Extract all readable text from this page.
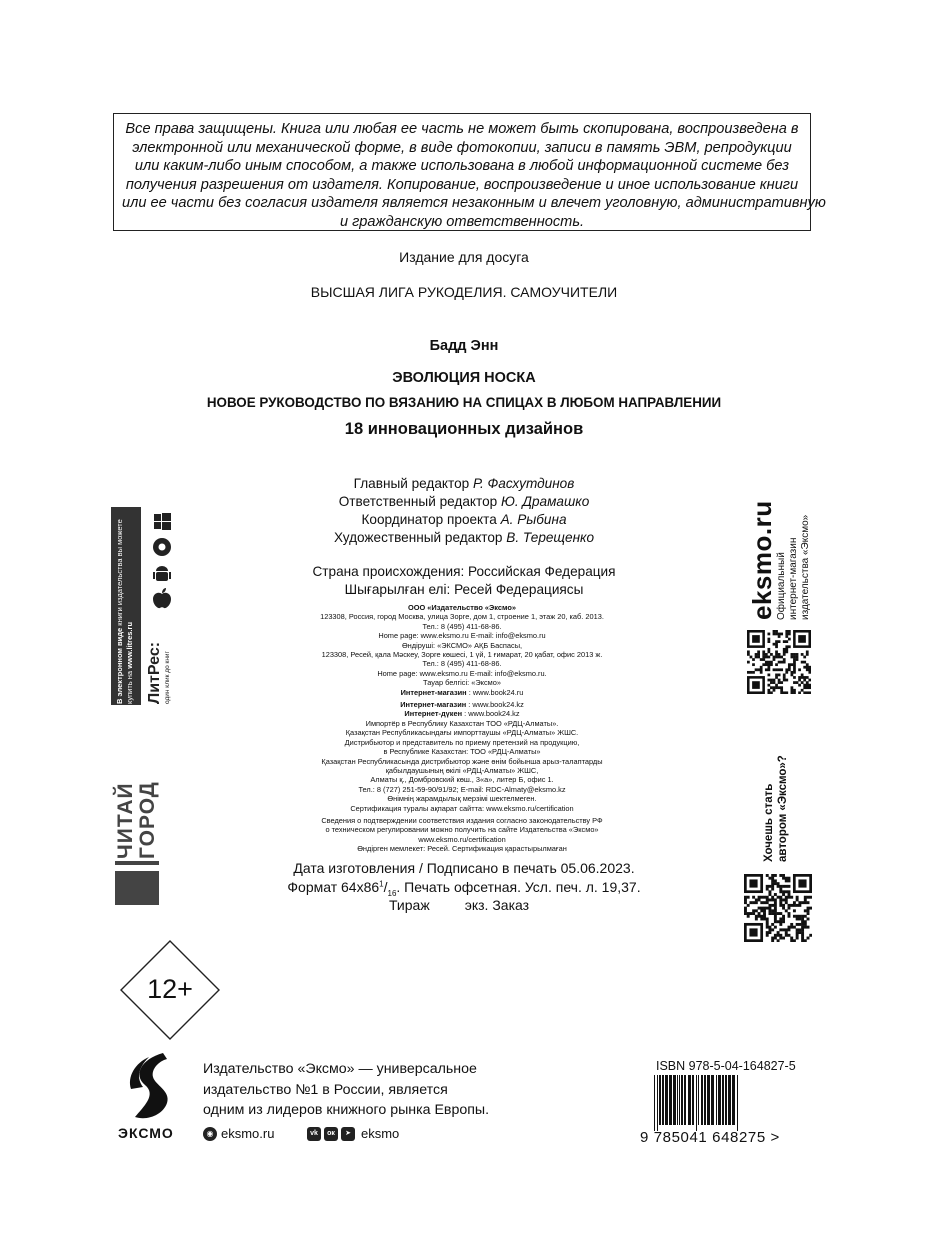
Все права защищены. Книга или любая ее часть не может быть скопирована, воспроизведена в
электронной или механической форме, в виде фотокопии, записи в память ЭВМ, репродукции
или каким-либо иным способом, а также использована в любой информационной системе без
получения разрешения от издателя. Копирование, воспроизведение и иное использование книги
или ее части без согласия издателя является незаконным и влечет уголовную, административную
и гражданскую ответственность.
Издание для досуга
ВЫСШАЯ ЛИГА РУКОДЕЛИЯ. САМОУЧИТЕЛИ
Бадд Энн
ЭВОЛЮЦИЯ НОСКА
НОВОЕ РУКОВОДСТВО ПО ВЯЗАНИЮ НА СПИЦАХ В ЛЮБОМ НАПРАВЛЕНИИ
18 инновационных дизайнов
Главный редактор Р. Фасхутдинов
Ответственный редактор Ю. Драмашко
Координатор проекта А. Рыбина
Художественный редактор В. Терещенко
Страна происхождения: Российская Федерация
Шығарылған елі: Ресей Федерациясы
ООО «Издательство «Эксмо»
123308, Россия, город Москва, улица Зорге, дом 1, строение 1, этаж 20, каб. 2013.
Тел.: 8 (495) 411-68-86.
Home page: www.eksmo.ru E-mail: info@eksmo.ru
Өндіруші: «ЭКСМО» АҚБ Баспасы,
123308, Ресей, қала Мәскеу, Зорге көшесі, 1 үй, 1 ғимарат, 20 қабат, офис 2013 ж.
Тел.: 8 (495) 411-68-86.
Home page: www.eksmo.ru E-mail: info@eksmo.ru.
Тауар белгісі: «Эксмо»
Интернет-магазин : www.book24.ru
Интернет-магазин : www.book24.kz
Интернет-дүкен : www.book24.kz
Импортёр в Республику Казахстан ТОО «РДЦ-Алматы».
Қазақстан Республикасындағы импорттаушы «РДЦ-Алматы» ЖШС.
Дистрибьютор и представитель по приему претензий на продукцию,
в Республике Казахстан: ТОО «РДЦ-Алматы»
Қазақстан Республикасында дистрибьютор және өнім бойынша арыз-талаптарды
қабылдаушының өкілі «РДЦ-Алматы» ЖШС,
Алматы қ., Домбровский көш., 3«а», литер Б, офис 1.
Тел.: 8 (727) 251-59-90/91/92; E-mail: RDC-Almaty@eksmo.kz
Өнімнің жарамдылық мерзімі шектелмеген.
Сертификация туралы ақпарат сайтта: www.eksmo.ru/certification
Сведения о подтверждении соответствия издания согласно законодательству РФ
о техническом регулировании можно получить на сайте Издательства «Эксмо»
www.eksmo.ru/certification
Өндірген мемлекет: Ресей. Сертификация қарастырылмаған
Дата изготовления / Подписано в печать 05.06.2023.
Формат $64x86^1/_{16}$. Печать офсетная. Усл. печ. л. 19,37.
Тираж         экз. Заказ
В электронном виде книги издательства вы можете
купить на www.litres.ru ЛитРес: один клик до книг
ЧИТАЙ ГОРОД
eksmo.ru Официальный интернет-магазин издательства «Эксмо»
Хочешь стать автором «Эксмо»?
12+
ЭКСМО
Издательство «Эксмо» — универсальное
издательство №1 в России, является
одним из лидеров книжного рынка Европы.
◉ eksmo.ru	vk	ок	➤ eksmo
ISBN 978-5-04-164827-5
9 785041 648275 >
